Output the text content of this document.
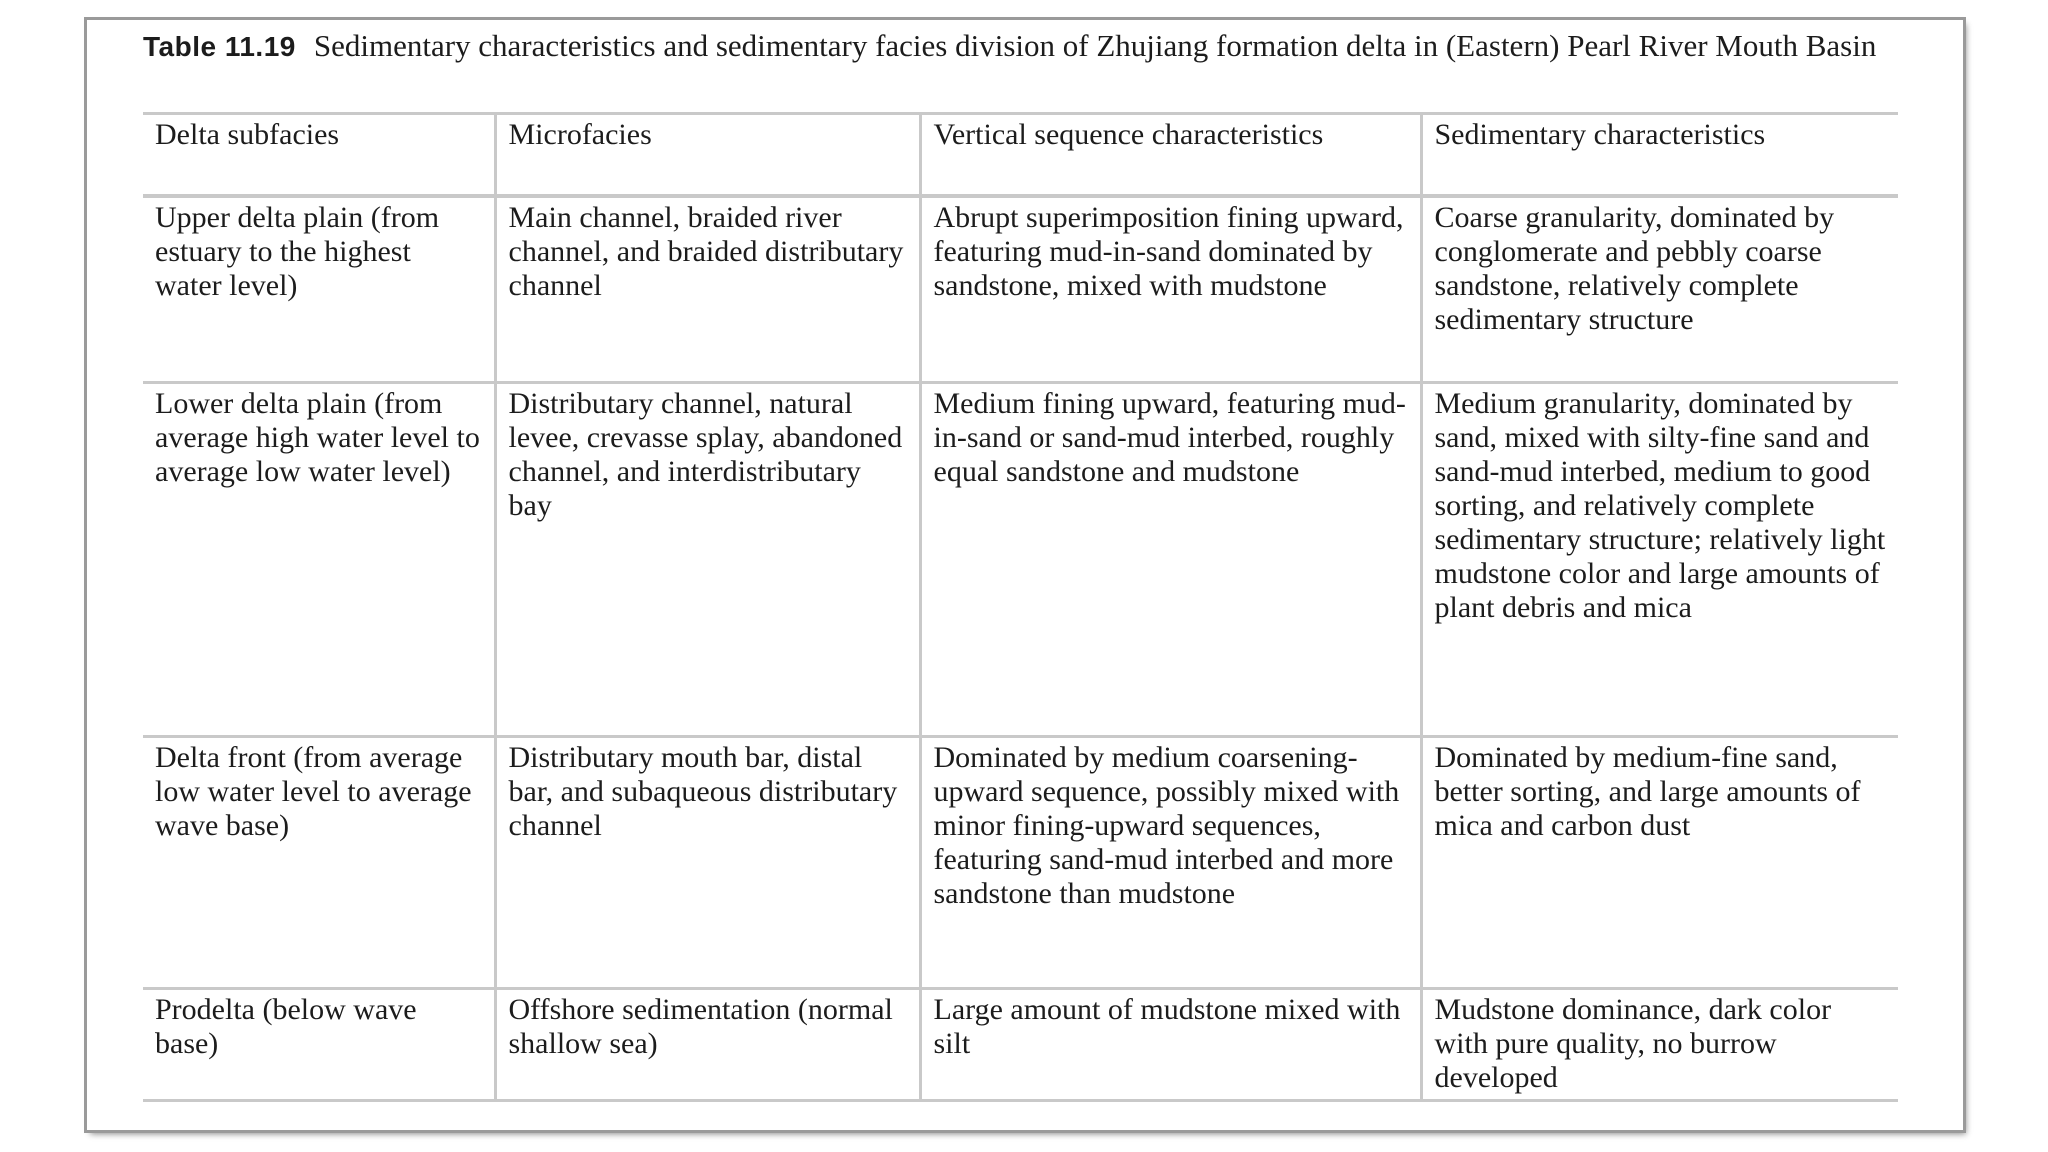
Table 11.19 Sedimentary characteristics and sedimentary facies division of Zhujiang formation delta in (Eastern) Pearl River Mouth Basin
Delta subfacies	Microfacies	Vertical sequence characteristics	Sedimentary characteristics
Upper delta plain (from estuary to the highest water level)	Main channel, braided river channel, and braided distributary channel	Abrupt superimposition fining upward, featuring mud-in-sand dominated by sandstone, mixed with mudstone	Coarse granularity, dominated by conglomerate and pebbly coarse sandstone, relatively complete sedimentary structure
Lower delta plain (from average high water level to average low water level)	Distributary channel, natural levee, crevasse splay, abandoned channel, and interdistributary bay	Medium fining upward, featuring mud-in-sand or sand-mud interbed, roughly equal sandstone and mudstone	Medium granularity, dominated by sand, mixed with silty-fine sand and sand-mud interbed, medium to good sorting, and relatively complete sedimentary structure; relatively light mudstone color and large amounts of plant debris and mica
Delta front (from average low water level to average wave base)	Distributary mouth bar, distal bar, and subaqueous distributary channel	Dominated by medium coarsening-upward sequence, possibly mixed with minor fining-upward sequences, featuring sand-mud interbed and more sandstone than mudstone	Dominated by medium-fine sand, better sorting, and large amounts of mica and carbon dust
Prodelta (below wave base)	Offshore sedimentation (normal shallow sea)	Large amount of mudstone mixed with silt	Mudstone dominance, dark color with pure quality, no burrow developed
